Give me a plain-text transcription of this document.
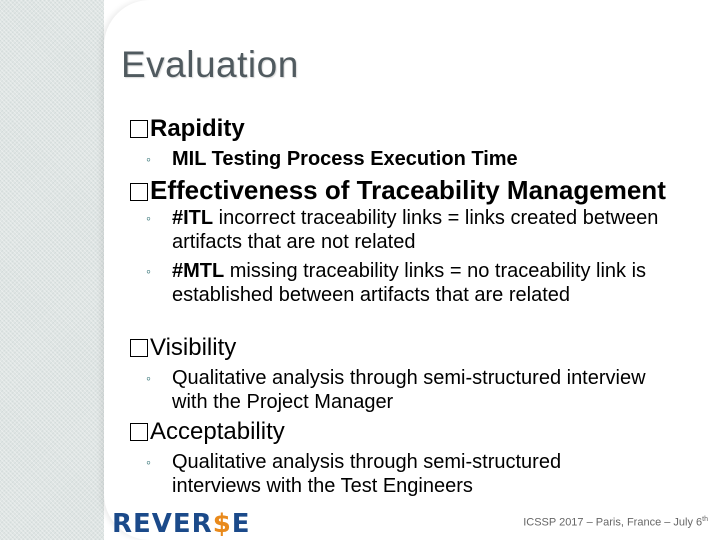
Evaluation
Rapidity
◦ MIL Testing Process Execution Time
Effectiveness of Traceability Management
◦ #ITL incorrect traceability links = links created between artifacts that are not related
◦ #MTL missing traceability links = no traceability link is established between artifacts that are related
Visibility
◦ Qualitative analysis through semi-structured interview with the Project Manager
Acceptability
◦ Qualitative analysis through semi-structured interviews with the Test Engineers
REVER$E	ICSSP 2017 – Paris, France – July 6th
